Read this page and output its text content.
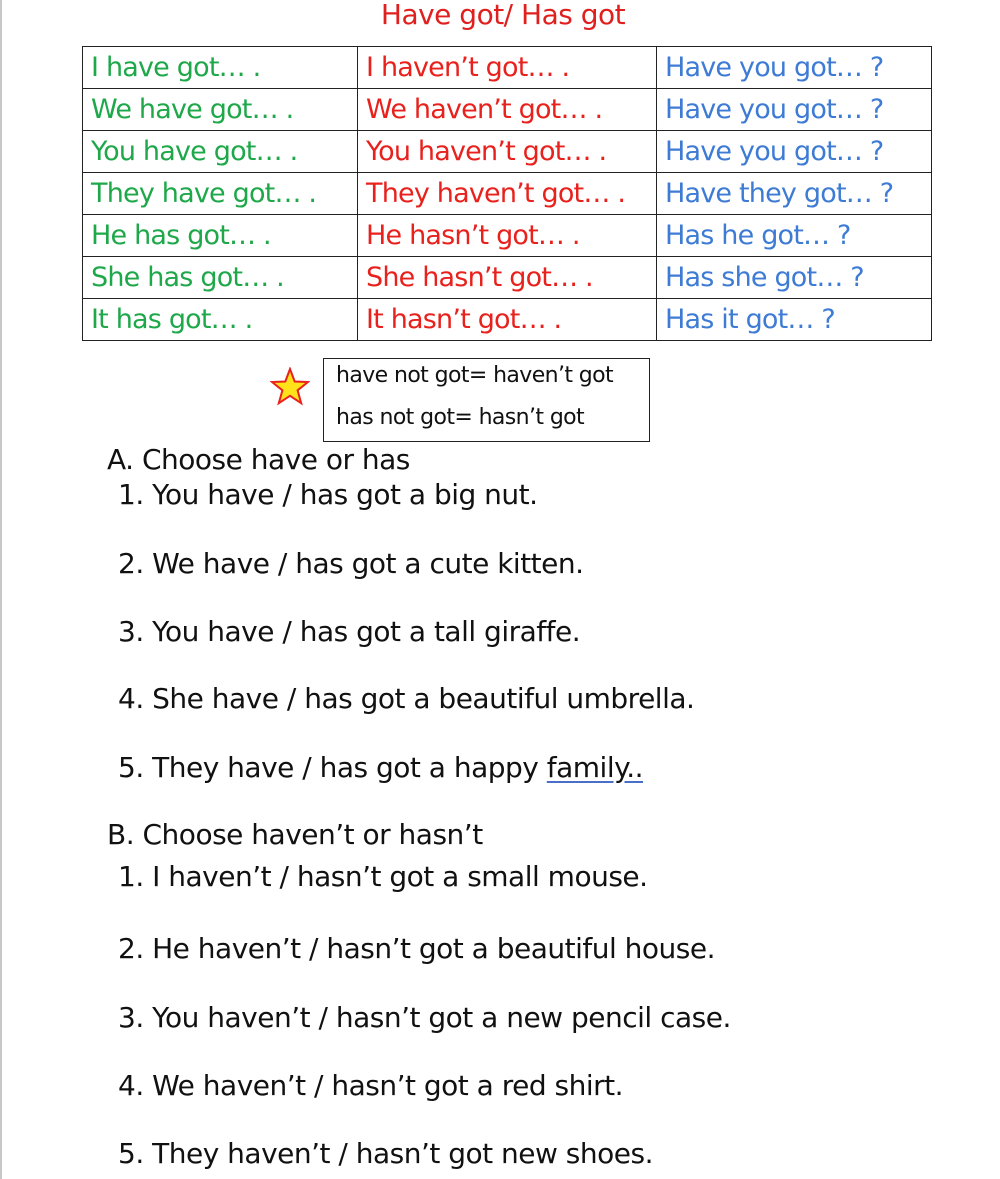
Have got/ Has got
I have got… .	I haven’t got… .	Have you got… ?
We have got… .	We haven’t got… .	Have you got… ?
You have got… .	You haven’t got… .	Have you got… ?
They have got… .	They haven’t got… .	Have they got… ?
He has got… .	He hasn’t got… .	Has he got… ?
She has got… .	She hasn’t got… .	Has she got… ?
It has got… .	It hasn’t got… .	Has it got… ?
have not got= haven’t got
has not got= hasn’t got
A. Choose have or has
1. You have / has got a big nut.
2. We have / has got a cute kitten.
3. You have / has got a tall giraffe.
4. She have / has got a beautiful umbrella.
5. They have / has got a happy family..
B. Choose haven’t or hasn’t
1. I haven’t / hasn’t got a small mouse.
2. He haven’t / hasn’t got a beautiful house.
3. You haven’t / hasn’t got a new pencil case.
4. We haven’t / hasn’t got a red shirt.
5. They haven’t / hasn’t got new shoes.
